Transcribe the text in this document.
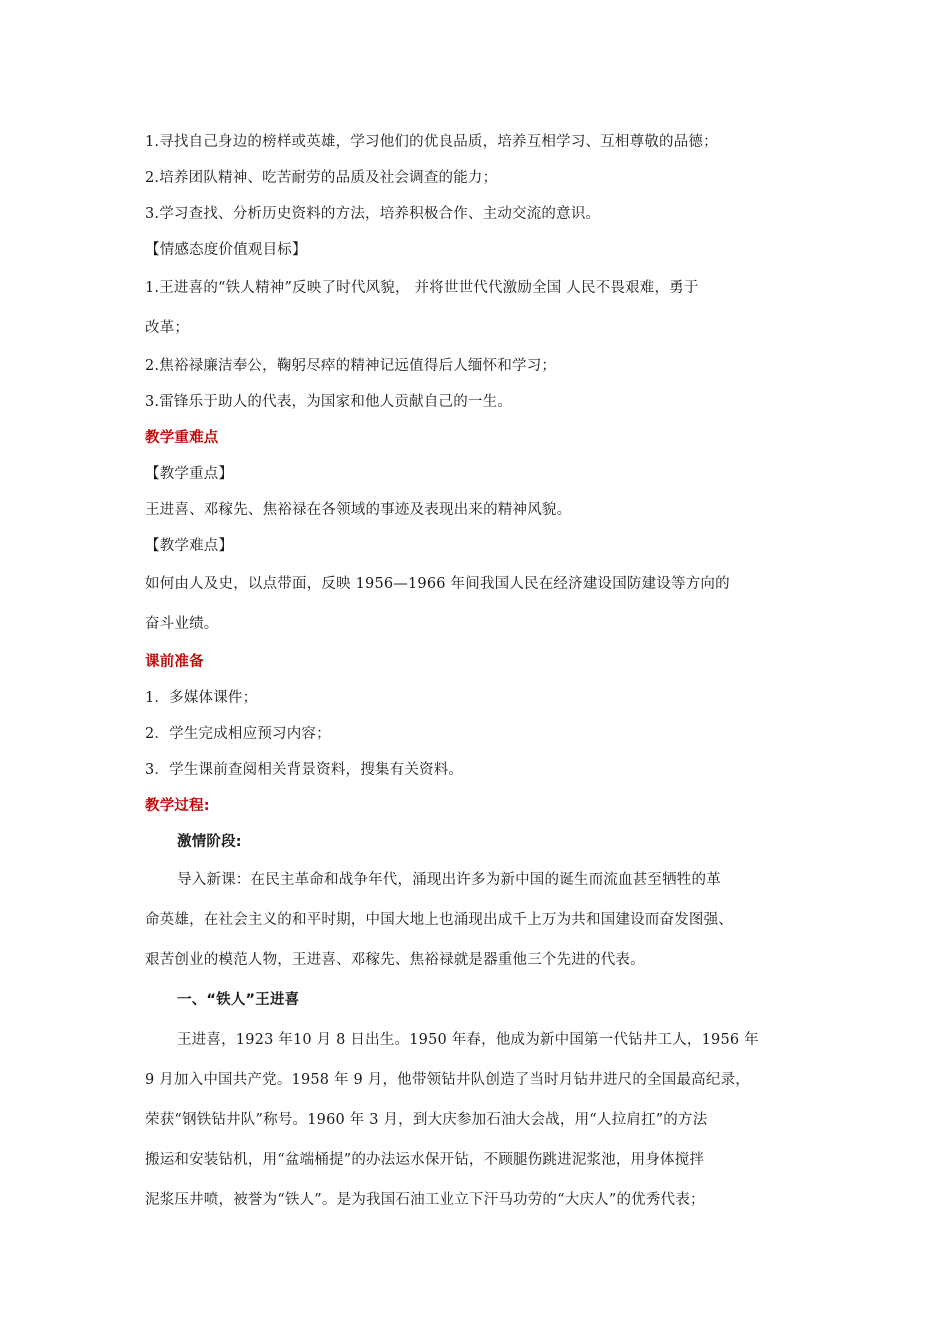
1.寻找自己身边的榜样或英雄，学习他们的优良品质，培养互相学习、互相尊敬的品德；
2.培养团队精神、吃苦耐劳的品质及社会调查的能力；
3.学习查找、分析历史资料的方法，培养积极合作、主动交流的意识。
【情感态度价值观目标】
1.王进喜的“铁人精神”反映了时代风貌， 并将世世代代激励全国 人民不畏艰难，勇于
改革；
2.焦裕禄廉洁奉公，鞠躬尽瘁的精神记远值得后人缅怀和学习；
3.雷锋乐于助人的代表，为国家和他人贡献自己的一生。
教学重难点
【教学重点】
王进喜、邓稼先、焦裕禄在各领域的事迹及表现出来的精神风貌。
【教学难点】
如何由人及史，以点带面，反映 1956—1966 年间我国人民在经济建设国防建设等方向的
奋斗业绩。
课前准备
1．多媒体课件；
2．学生完成相应预习内容；
3．学生课前查阅相关背景资料，搜集有关资料。
教学过程:
激情阶段:
导入新课：在民主革命和战争年代，涌现出许多为新中国的诞生而流血甚至牺牲的革
命英雄，在社会主义的和平时期，中国大地上也涌现出成千上万为共和国建设而奋发图强、
艰苦创业的模范人物，王进喜、邓稼先、焦裕禄就是器重他三个先进的代表。
一、“铁人”王进喜
王进喜，1923 年10 月 8 日出生。1950 年春，他成为新中国第一代钻井工人，1956 年
9 月加入中国共产党。1958 年 9 月，他带领钻井队创造了当时月钻井进尺的全国最高纪录，
荣获“钢铁钻井队”称号。1960 年 3 月，到大庆参加石油大会战，用“人拉肩扛”的方法
搬运和安装钻机，用“盆端桶提”的办法运水保开钻，不顾腿伤跳进泥浆池，用身体搅拌
泥浆压井喷，被誉为“铁人”。是为我国石油工业立下汗马功劳的“大庆人”的优秀代表；
